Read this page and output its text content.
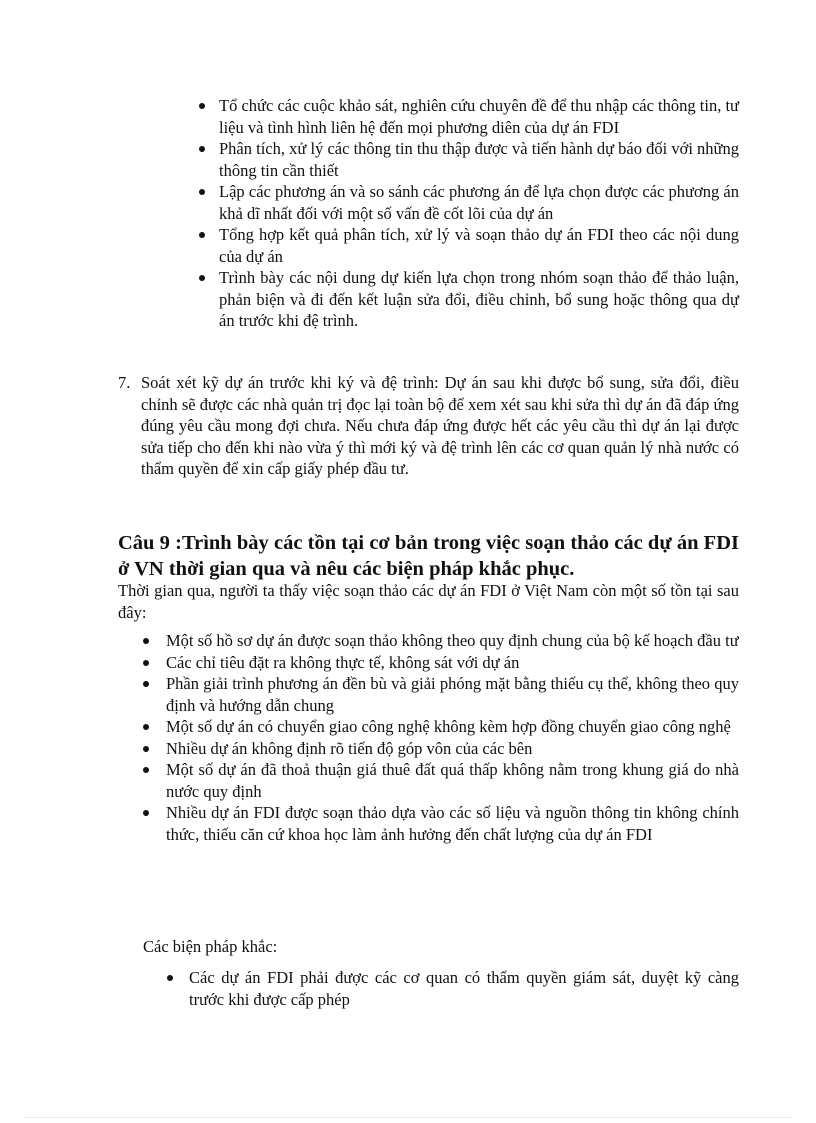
Tổ chức các cuộc khảo sát, nghiên cứu chuyên đề để thu nhập các thông tin, tư liệu và tình hình liên hệ đến mọi phương diên của dự án FDI
Phân tích, xử lý các thông tin thu thập được và tiến hành dự báo đối với những thông tin cần thiết
Lập các phương án và so sánh các phương án để lựa chọn được các phương án khả dĩ nhất đối với một số vấn đề cốt lõi của dự án
Tổng hợp kết quả phân tích, xử lý và soạn thảo dự án FDI theo các nội dung của dự án
Trình bày các nội dung dự kiến lựa chọn trong nhóm soạn thảo để thảo luận, phản biện và đi đến kết luận sửa đổi, điều chỉnh, bổ sung hoặc thông qua dự án trước khi đệ trình.
7. Soát xét kỹ dự án trước khi ký và đệ trình: Dự án sau khi được bổ sung, sửa đổi, điều chỉnh sẽ được các nhà quản trị đọc lại toàn bộ để xem xét sau khi sửa thì dự án đã đáp ứng đúng yêu cầu mong đợi chưa. Nếu chưa đáp ứng được hết các yêu cầu thì dự án lại được sửa tiếp cho đến khi nào vừa ý thì mới ký và đệ trình lên các cơ quan quản lý nhà nước có thẩm quyền để xin cấp giấy phép đầu tư.
Câu 9 :Trình bày các tồn tại cơ bản trong việc soạn thảo các dự án FDI ở VN thời gian qua và nêu các biện pháp khắc phục.

Thời gian qua, người ta thấy việc soạn thảo các dự án FDI ở Việt Nam còn một số tồn tại sau đây:

Một số hồ sơ dự án được soạn thảo không theo quy định chung của bộ kế hoạch đầu tư
Các chỉ tiêu đặt ra không thực tế, không sát với dự án
Phần giải trình phương án đền bù và giải phóng mặt bằng thiếu cụ thể, không theo quy định và hướng dẫn chung
Một số dự án có chuyển giao công nghệ không kèm hợp đồng chuyển giao công nghệ
Nhiều dự án không định rõ tiến độ góp vôn của các bên
Một số dự án đã thoả thuận giá thuê đất quá thấp không nằm trong khung giá do nhà nước quy định
Nhiều dự án FDI được soạn thảo dựa vào các số liệu và nguồn thông tin không chính thức, thiếu căn cứ khoa học làm ảnh hưởng đến chất lượng của dự án FDI

Các biện pháp khắc:

Các dự án FDI phải được các cơ quan có thẩm quyền giám sát, duyệt kỹ càng trước khi được cấp phép
